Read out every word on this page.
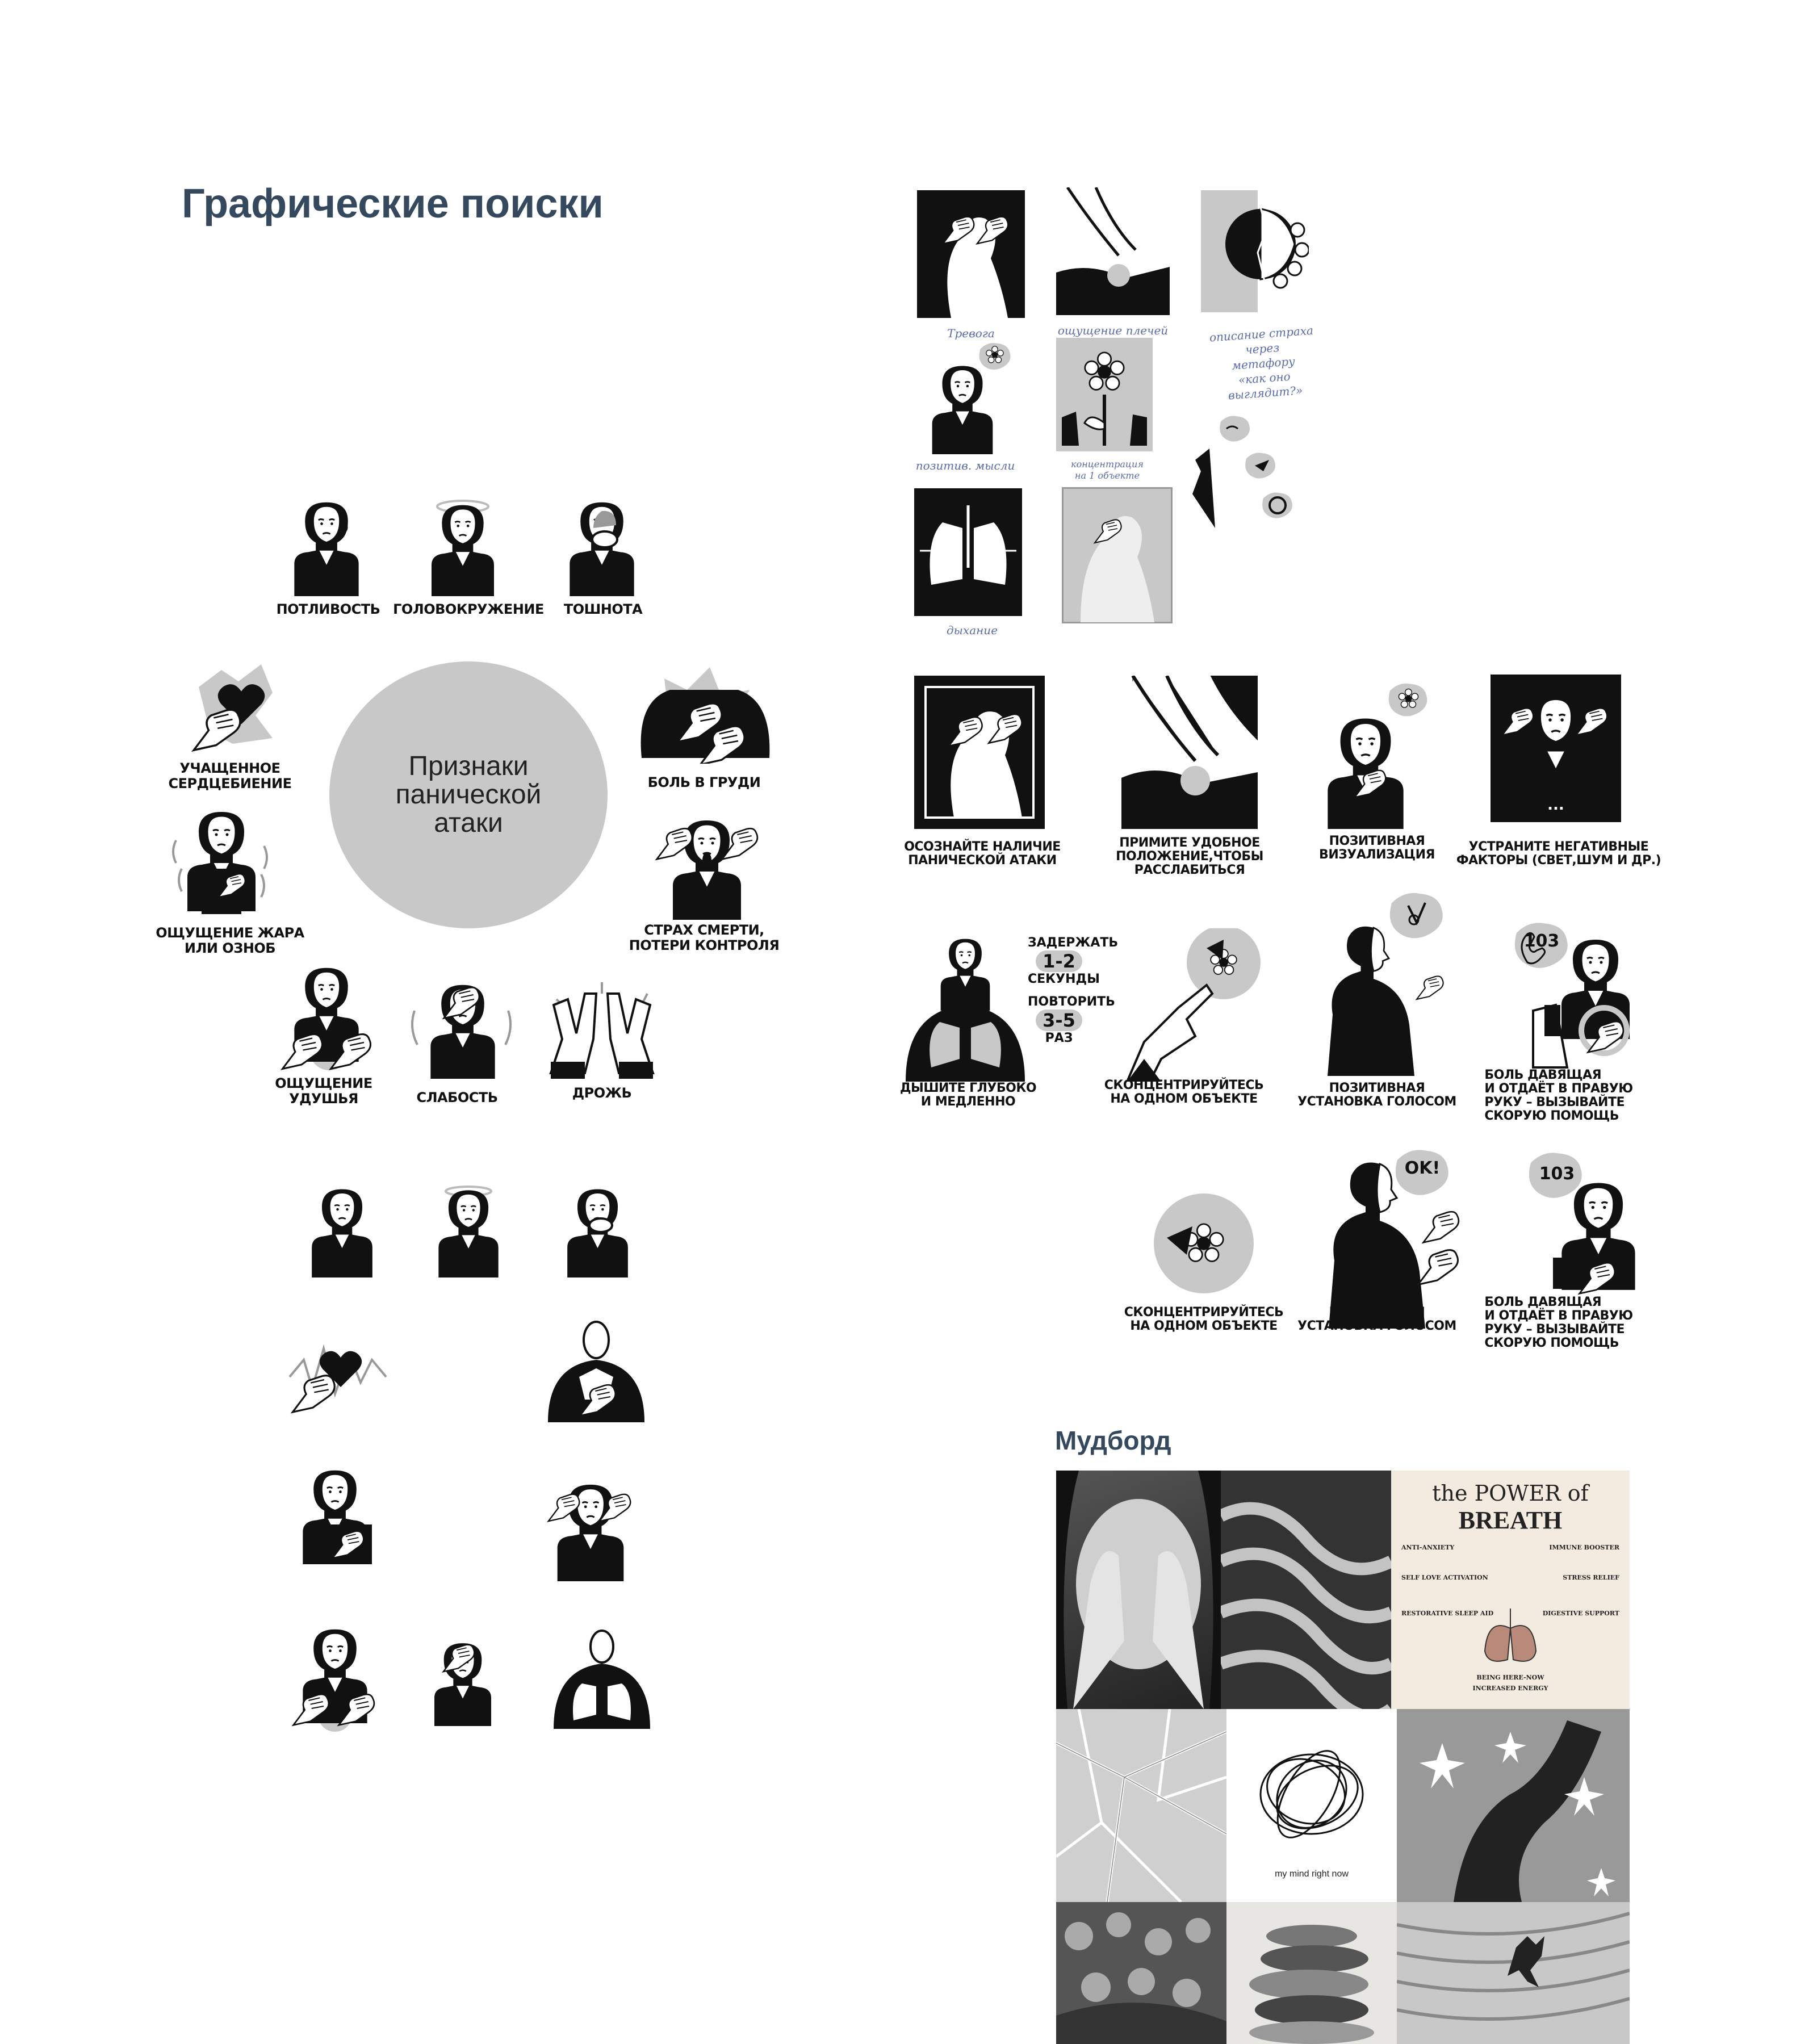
Графические поиски
Мудборд
Признаки
панической
атаки
ПОТЛИВОСТЬ ГОЛОВОКРУЖЕНИЕ ТОШНОТА
УЧАЩЕННОЕ
СЕРДЦЕБИЕНИЕ	БОЛЬ В ГРУДИ
ОЩУЩЕНИЕ ЖАРА
ИЛИ ОЗНОБ
СТРАХ СМЕРТИ,
ПОТЕРИ КОНТРОЛЯ
ОЩУЩЕНИЕ
УДУШЬЯ	СЛАБОСТЬ	ДРОЖЬ
Тревога	ощущение плечей	описание страха
через
метафору
«как оно
выглядит?»
позитив. мысли	концентрация
на 1 объекте
дыхание
...
ОСОЗНАЙТЕ НАЛИЧИЕ
ПАНИЧЕСКОЙ АТАКИ
ПРИМИТЕ УДОБНОЕ
ПОЛОЖЕНИЕ,ЧТОБЫ
РАССЛАБИТЬСЯ
ПОЗИТИВНАЯ
ВИЗУАЛИЗАЦИЯ
УСТРАНИТЕ НЕГАТИВНЫЕ
ФАКТОРЫ (СВЕТ,ШУМ И ДР.)
ЗАДЕРЖАТЬ
1-2
СЕКУНДЫ
ПОВТОРИТЬ
3-5
РАЗ
103
ДЫШИТЕ ГЛУБОКО
И МЕДЛЕННО
СКОНЦЕНТРИРУЙТЕСЬ
НА ОДНОМ ОБЪЕКТЕ
ПОЗИТИВНАЯ
УСТАНОВКА ГОЛОСОМ
БОЛЬ ДАВЯЩАЯ
И ОТДАЁТ В ПРАВУЮ
РУКУ – ВЫЗЫВАЙТЕ
СКОРУЮ ПОМОЩЬ
OK!	103
СКОНЦЕНТРИРУЙТЕСЬ
НА ОДНОМ ОБЪЕКТЕ
ПОЗИТИВНАЯ
УСТАНОВКА ГОЛОСОМ
БОЛЬ ДАВЯЩАЯ
И ОТДАЁТ В ПРАВУЮ
РУКУ – ВЫЗЫВАЙТЕ
СКОРУЮ ПОМОЩЬ
the POWER of BREATH
ANTI-ANXIETY
SELF LOVE ACTIVATION
RESTORATIVE SLEEP AID
IMMUNE BOOSTER
STRESS RELIEF
DIGESTIVE SUPPORT
BEING HERE-NOW
INCREASED ENERGY
my mind right now
